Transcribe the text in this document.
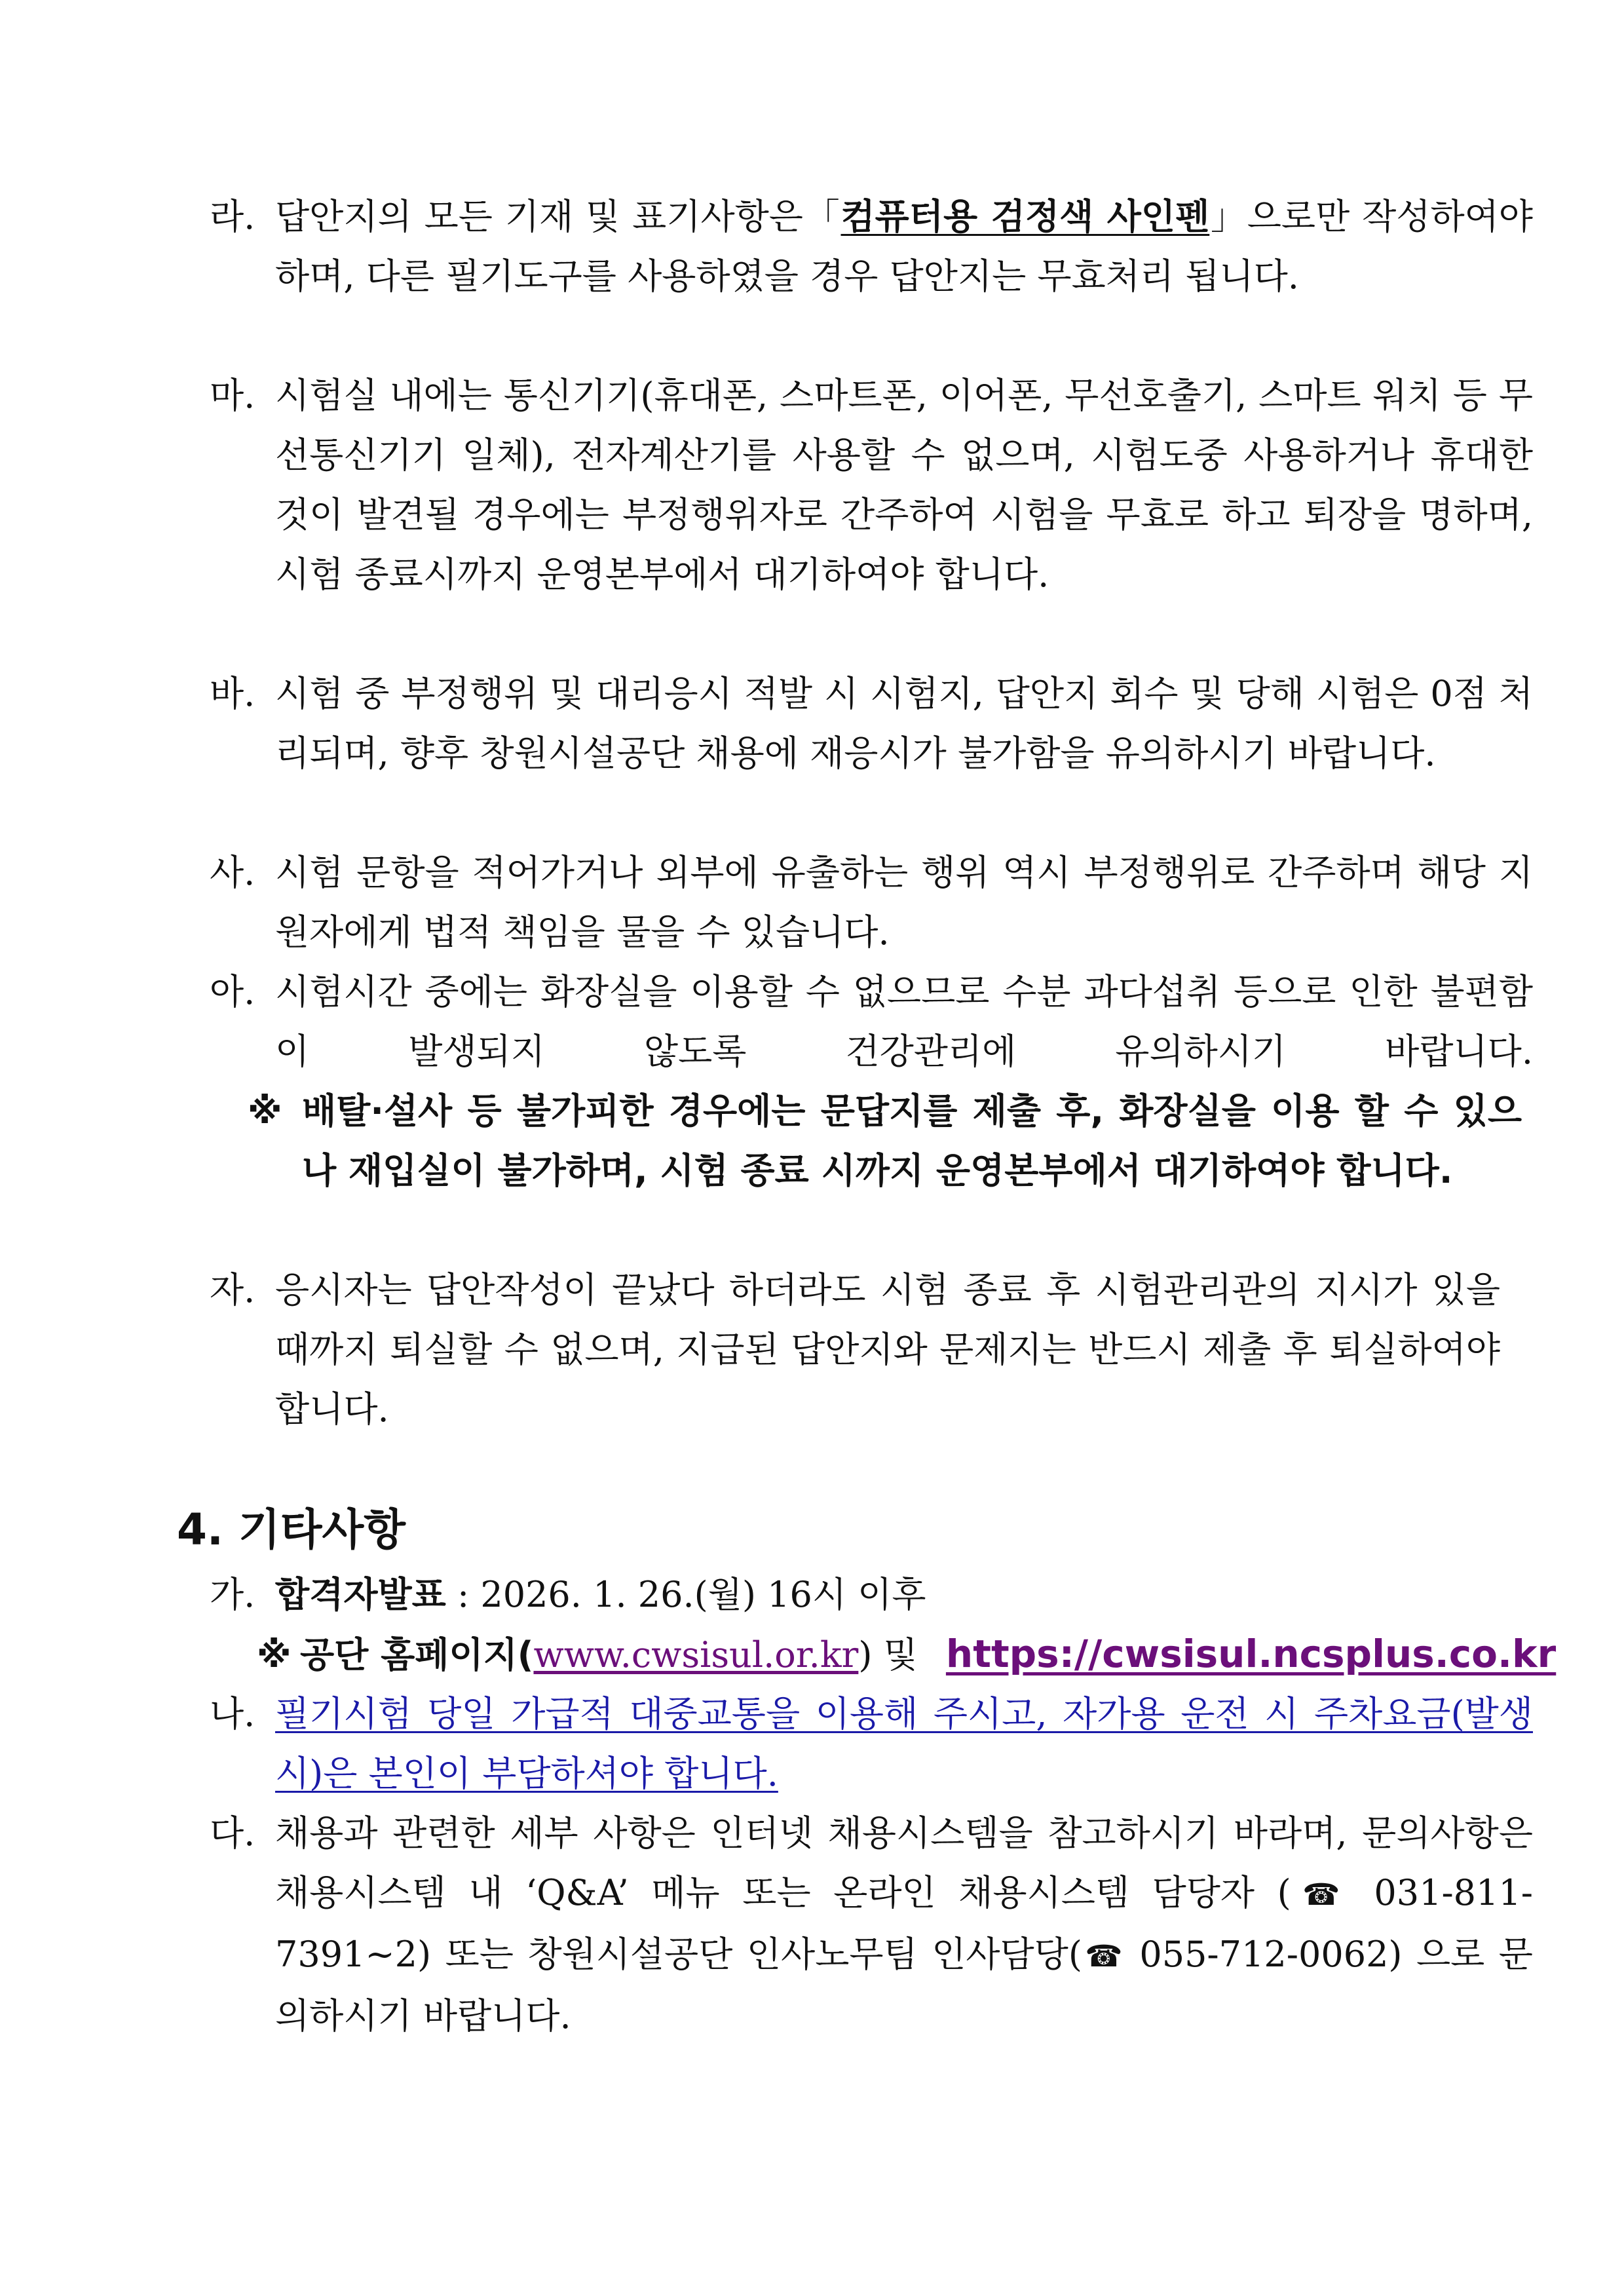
라. 답안지의 모든 기재 및 표기사항은「컴퓨터용 검정색 사인펜」으로만 작성하여야 하며, 다른 필기도구를 사용하였을 경우 답안지는 무효처리 됩니다.
마. 시험실 내에는 통신기기(휴대폰, 스마트폰, 이어폰, 무선호출기, 스마트 워치 등 무선통신기기 일체), 전자계산기를 사용할 수 없으며, 시험도중 사용하거나 휴대한 것이 발견될 경우에는 부정행위자로 간주하여 시험을 무효로 하고 퇴장을 명하며, 시험 종료시까지 운영본부에서 대기하여야 합니다.
바. 시험 중 부정행위 및 대리응시 적발 시 시험지, 답안지 회수 및 당해 시험은 0점 처리되며, 향후 창원시설공단 채용에 재응시가 불가함을 유의하시기 바랍니다.
사. 시험 문항을 적어가거나 외부에 유출하는 행위 역시 부정행위로 간주하며 해당 지원자에게 법적 책임을 물을 수 있습니다.
아. 시험시간 중에는 화장실을 이용할 수 없으므로 수분 과다섭취 등으로 인한 불편함이 발생되지 않도록 건강관리에 유의하시기 바랍니다.
※ 배탈·설사 등 불가피한 경우에는 문답지를 제출 후, 화장실을 이용 할 수 있으나 재입실이 불가하며, 시험 종료 시까지 운영본부에서 대기하여야 합니다.
자. 응시자는 답안작성이 끝났다 하더라도 시험 종료 후 시험관리관의 지시가 있을 때까지 퇴실할 수 없으며, 지급된 답안지와 문제지는 반드시 제출 후 퇴실하여야 합니다.
4. 기타사항
가. 합격자발표 : 2026. 1. 26.(월) 16시 이후
※ 공단 홈페이지(www.cwsisul.or.kr) 및 https://cwsisul.ncsplus.co.kr
나. 필기시험 당일 가급적 대중교통을 이용해 주시고, 자가용 운전 시 주차요금(발생 시)은 본인이 부담하셔야 합니다.
다. 채용과 관련한 세부 사항은 인터넷 채용시스템을 참고하시기 바라며, 문의사항은 채용시스템 내 ‘Q&A’ 메뉴 또는 온라인 채용시스템 담당자 (☎ 031-811-7391~2) 또는 창원시설공단 인사노무팀 인사담당(☎ 055-712-0062) 으로 문의하시기 바랍니다.
